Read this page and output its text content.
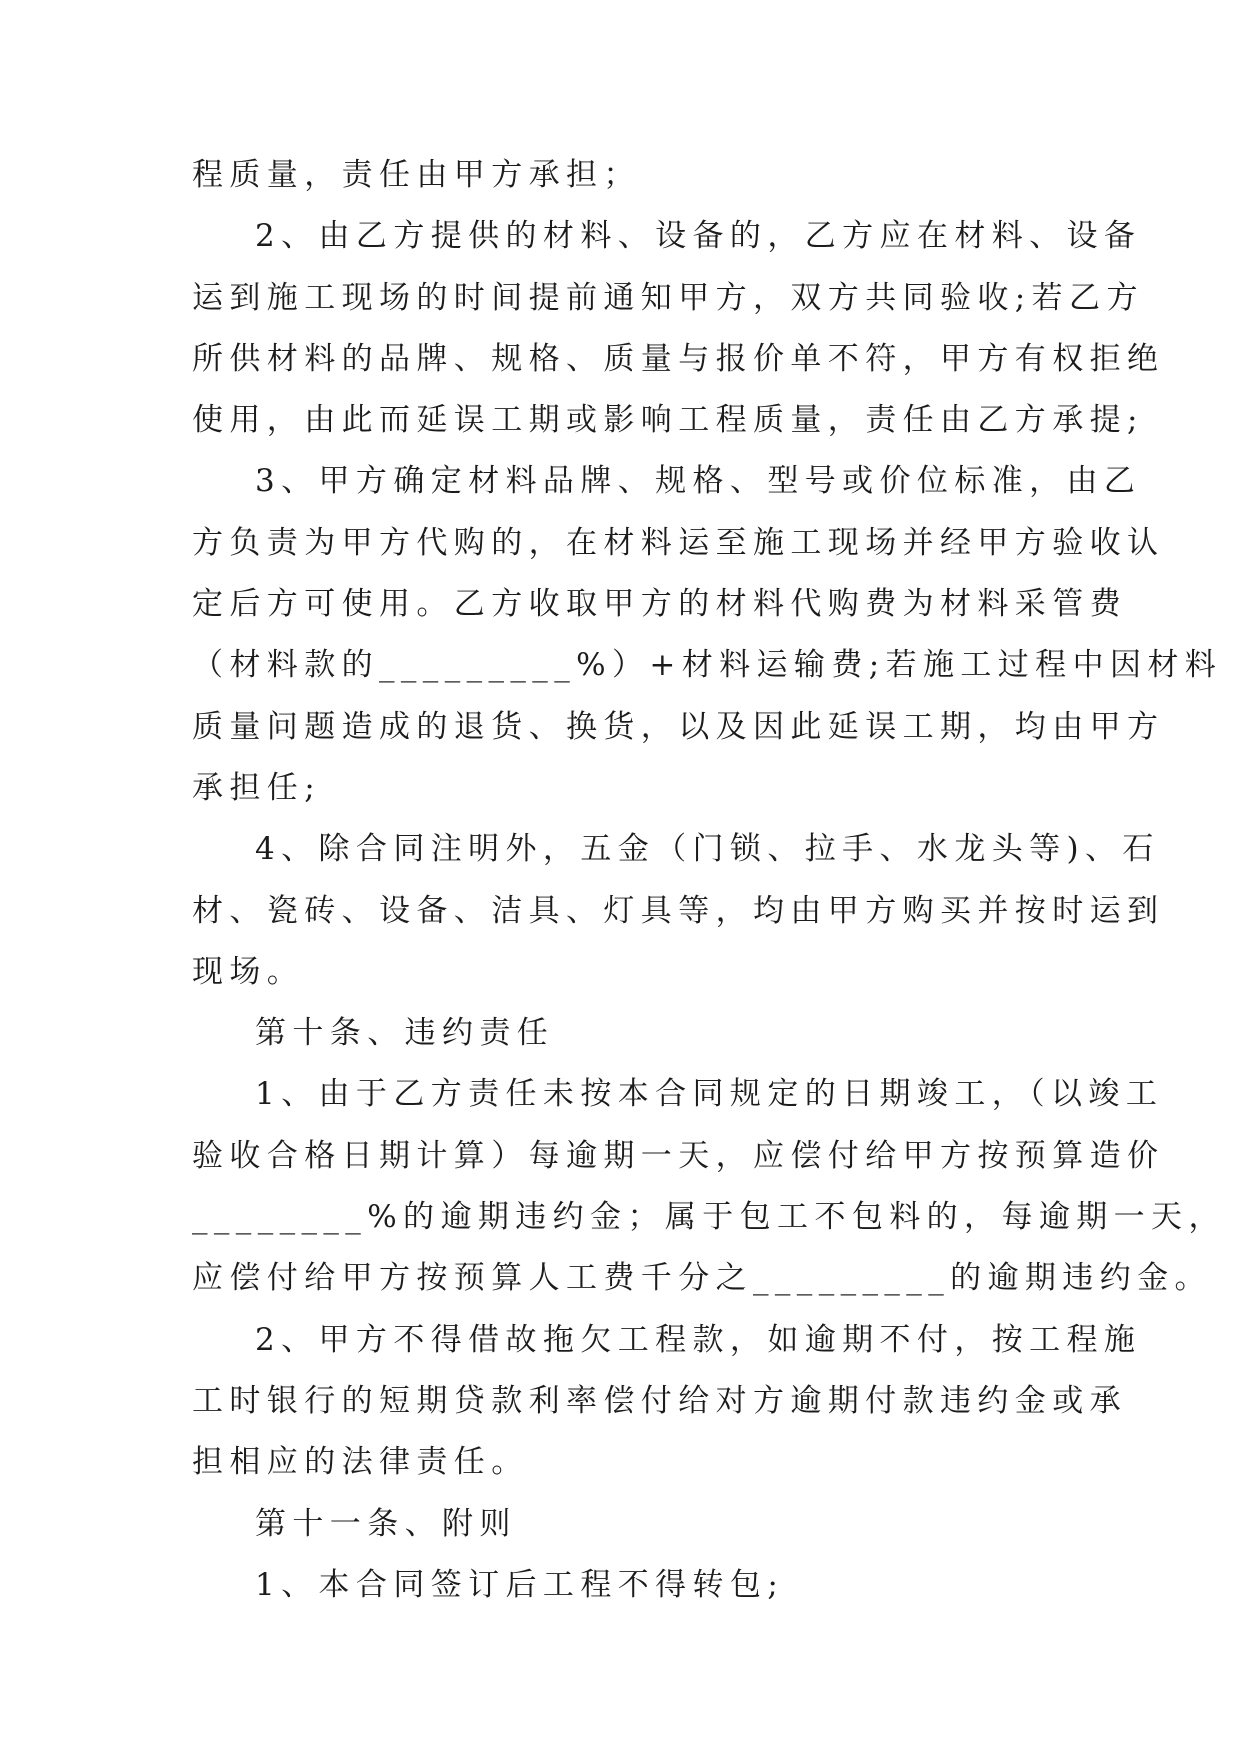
程质量，责任由甲方承担；
2、由乙方提供的材料、设备的，乙方应在材料、设备
运到施工现场的时间提前通知甲方，双方共同验收;若乙方
所供材料的品牌、规格、质量与报价单不符，甲方有权拒绝
使用，由此而延误工期或影响工程质量，责任由乙方承提;
3、甲方确定材料品牌、规格、型号或价位标准，由乙
方负责为甲方代购的，在材料运至施工现场并经甲方验收认
定后方可使用。乙方收取甲方的材料代购费为材料采管费
（材料款的_________%）+材料运输费;若施工过程中因材料
质量问题造成的退货、换货，以及因此延误工期，均由甲方
承担任;
4、除合同注明外，五金（门锁、拉手、水龙头等)、石
材、瓷砖、设备、洁具、灯具等，均由甲方购买并按时运到
现场。
第十条、违约责任
1、由于乙方责任未按本合同规定的日期竣工，（以竣工
验收合格日期计算）每逾期一天，应偿付给甲方按预算造价
________%的逾期违约金；属于包工不包料的，每逾期一天，
应偿付给甲方按预算人工费千分之_________的逾期违约金。
2、甲方不得借故拖欠工程款，如逾期不付，按工程施
工时银行的短期贷款利率偿付给对方逾期付款违约金或承
担相应的法律责任。
第十一条、附则
1、本合同签订后工程不得转包;
